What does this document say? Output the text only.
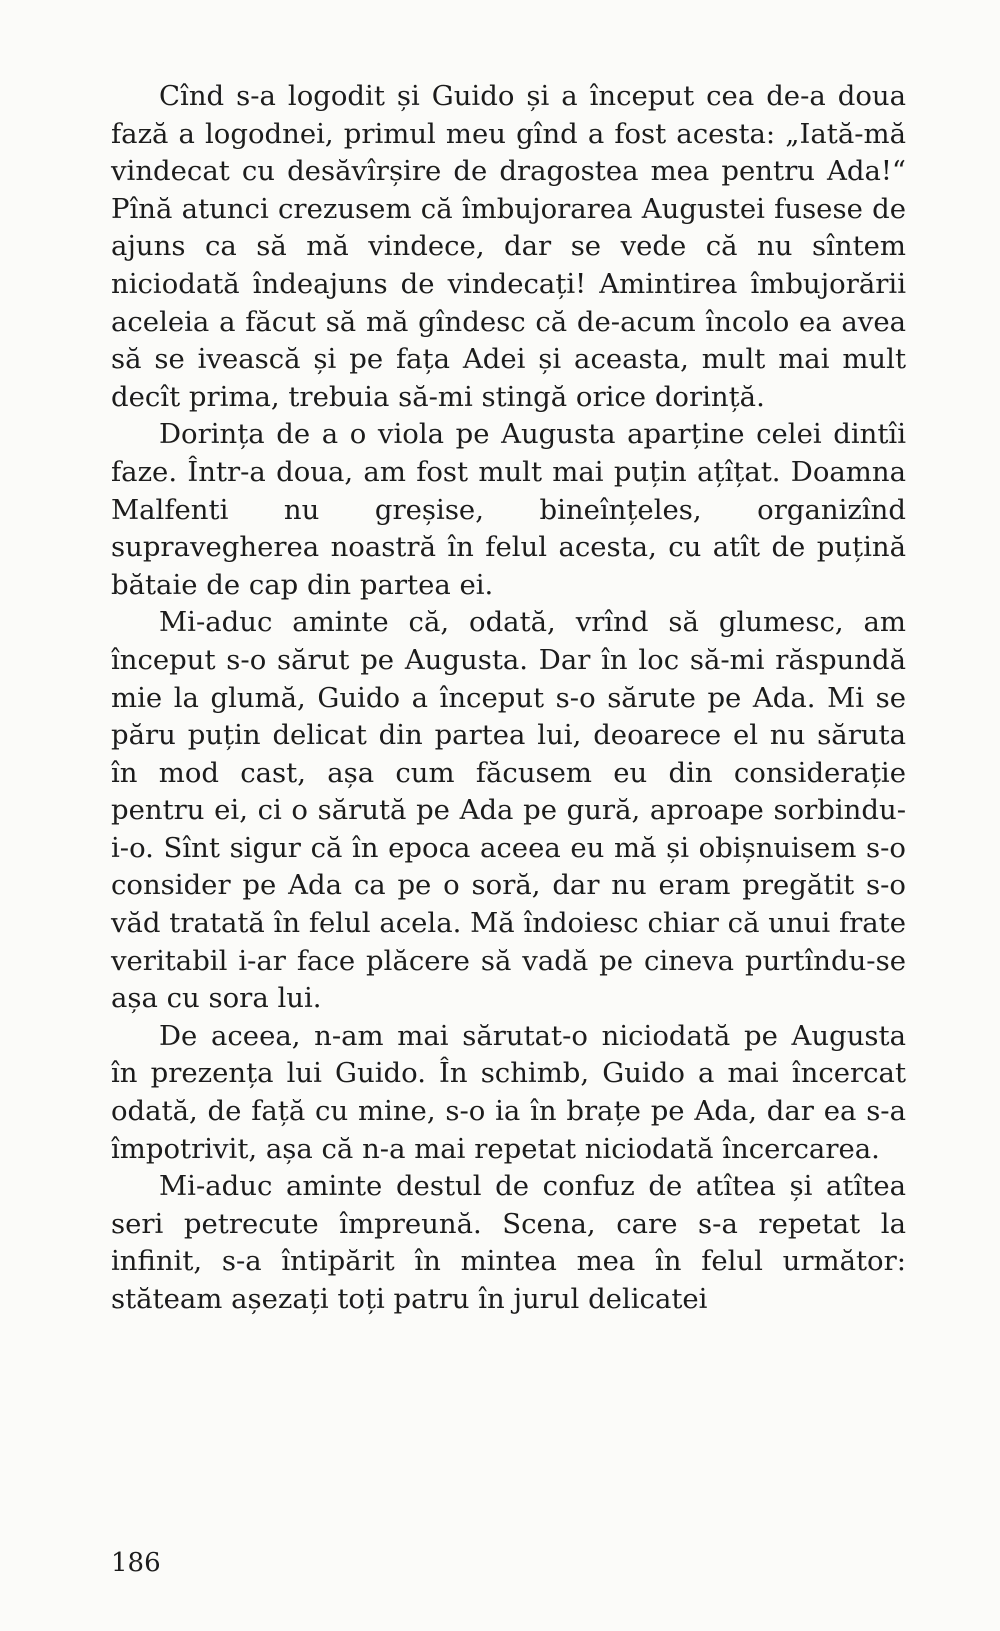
Cînd s-a logodit și Guido și a început cea de-a doua fază a logodnei, primul meu gînd a fost acesta: „Iată-mă vindecat cu desăvîrșire de dragostea mea pentru Ada!“ Pînă atunci crezusem că îmbujorarea Augustei fusese de ajuns ca să mă vindece, dar se vede că nu sîntem niciodată îndeajuns de vindecați! Amintirea îmbujorării aceleia a făcut să mă gîndesc că de-acum încolo ea avea să se ivească și pe fața Adei și aceasta, mult mai mult decît prima, trebuia să-mi stingă orice dorință.

Dorința de a o viola pe Augusta aparține celei dintîi faze. Într-a doua, am fost mult mai puțin ațîțat. Doamna Malfenti nu greșise, bineînțeles, organizînd supravegherea noastră în felul acesta, cu atît de puțină bătaie de cap din partea ei.

Mi-aduc aminte că, odată, vrînd să glumesc, am început s-o sărut pe Augusta. Dar în loc să-mi răspundă mie la glumă, Guido a început s-o sărute pe Ada. Mi se păru puțin delicat din partea lui, deoarece el nu săruta în mod cast, așa cum făcusem eu din considerație pentru ei, ci o sărută pe Ada pe gură, aproape sorbindu-i-o. Sînt sigur că în epoca aceea eu mă și obișnuisem s-o consider pe Ada ca pe o soră, dar nu eram pregătit s-o văd tratată în felul acela. Mă îndoiesc chiar că unui frate veritabil i-ar face plăcere să vadă pe cineva purtîndu-se așa cu sora lui.

De aceea, n-am mai sărutat-o niciodată pe Augusta în prezența lui Guido. În schimb, Guido a mai încercat odată, de față cu mine, s-o ia în brațe pe Ada, dar ea s-a împotrivit, așa că n-a mai repetat niciodată încercarea.

Mi-aduc aminte destul de confuz de atîtea și atîtea seri petrecute împreună. Scena, care s-a repetat la infinit, s-a întipărit în mintea mea în felul următor: stăteam așezați toți patru în jurul delicatei

186
